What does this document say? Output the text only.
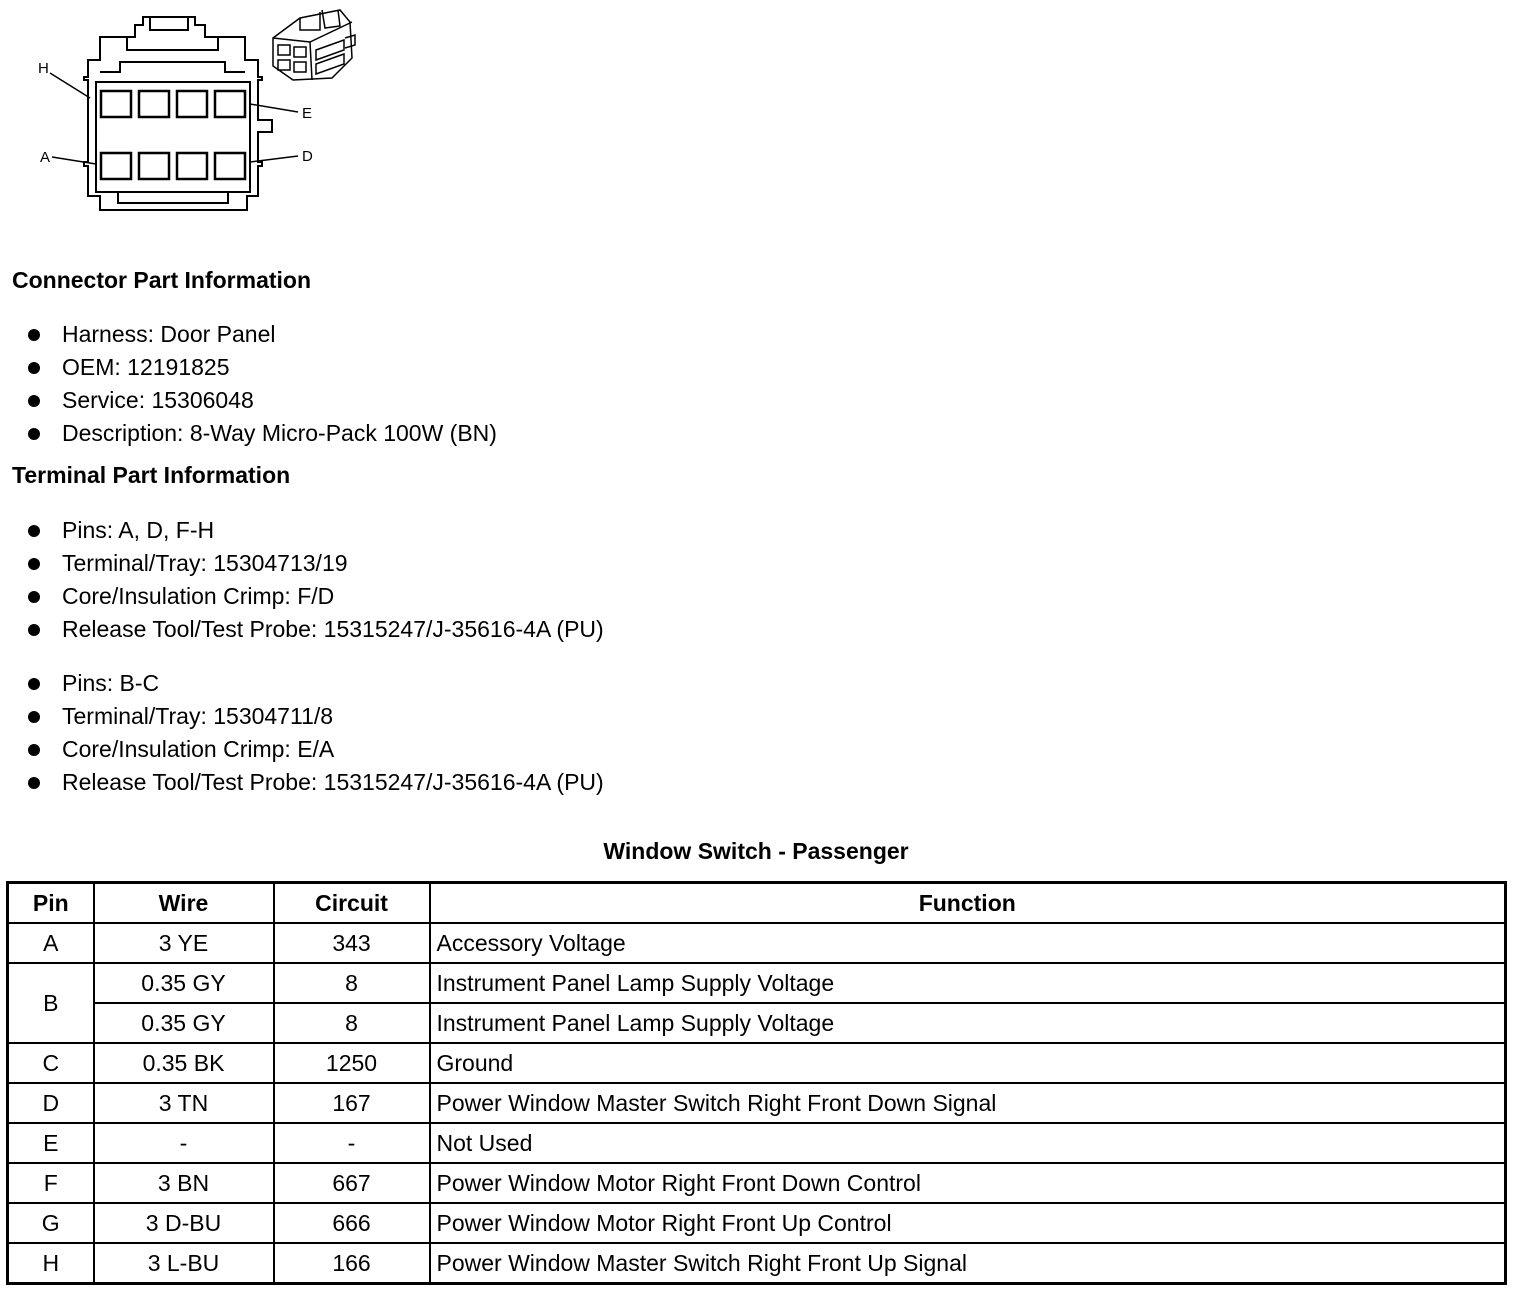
H
E
A	D
Connector Part Information
Harness: Door Panel
OEM: 12191825
Service: 15306048
Description: 8-Way Micro-Pack 100W (BN)
Terminal Part Information
Pins: A, D, F-H
Terminal/Tray: 15304713/19
Core/Insulation Crimp: F/D
Release Tool/Test Probe: 15315247/J-35616-4A (PU)
Pins: B-C
Terminal/Tray: 15304711/8
Core/Insulation Crimp: E/A
Release Tool/Test Probe: 15315247/J-35616-4A (PU)
Window Switch - Passenger
Pin	Wire	Circuit	Function
A	3 YE	343	Accessory Voltage
B	0.35 GY	8	Instrument Panel Lamp Supply Voltage
	0.35 GY	8	Instrument Panel Lamp Supply Voltage
C	0.35 BK	1250	Ground
D	3 TN	167	Power Window Master Switch Right Front Down Signal
E	-	-	Not Used
F	3 BN	667	Power Window Motor Right Front Down Control
G	3 D-BU	666	Power Window Motor Right Front Up Control
H	3 L-BU	166	Power Window Master Switch Right Front Up Signal
